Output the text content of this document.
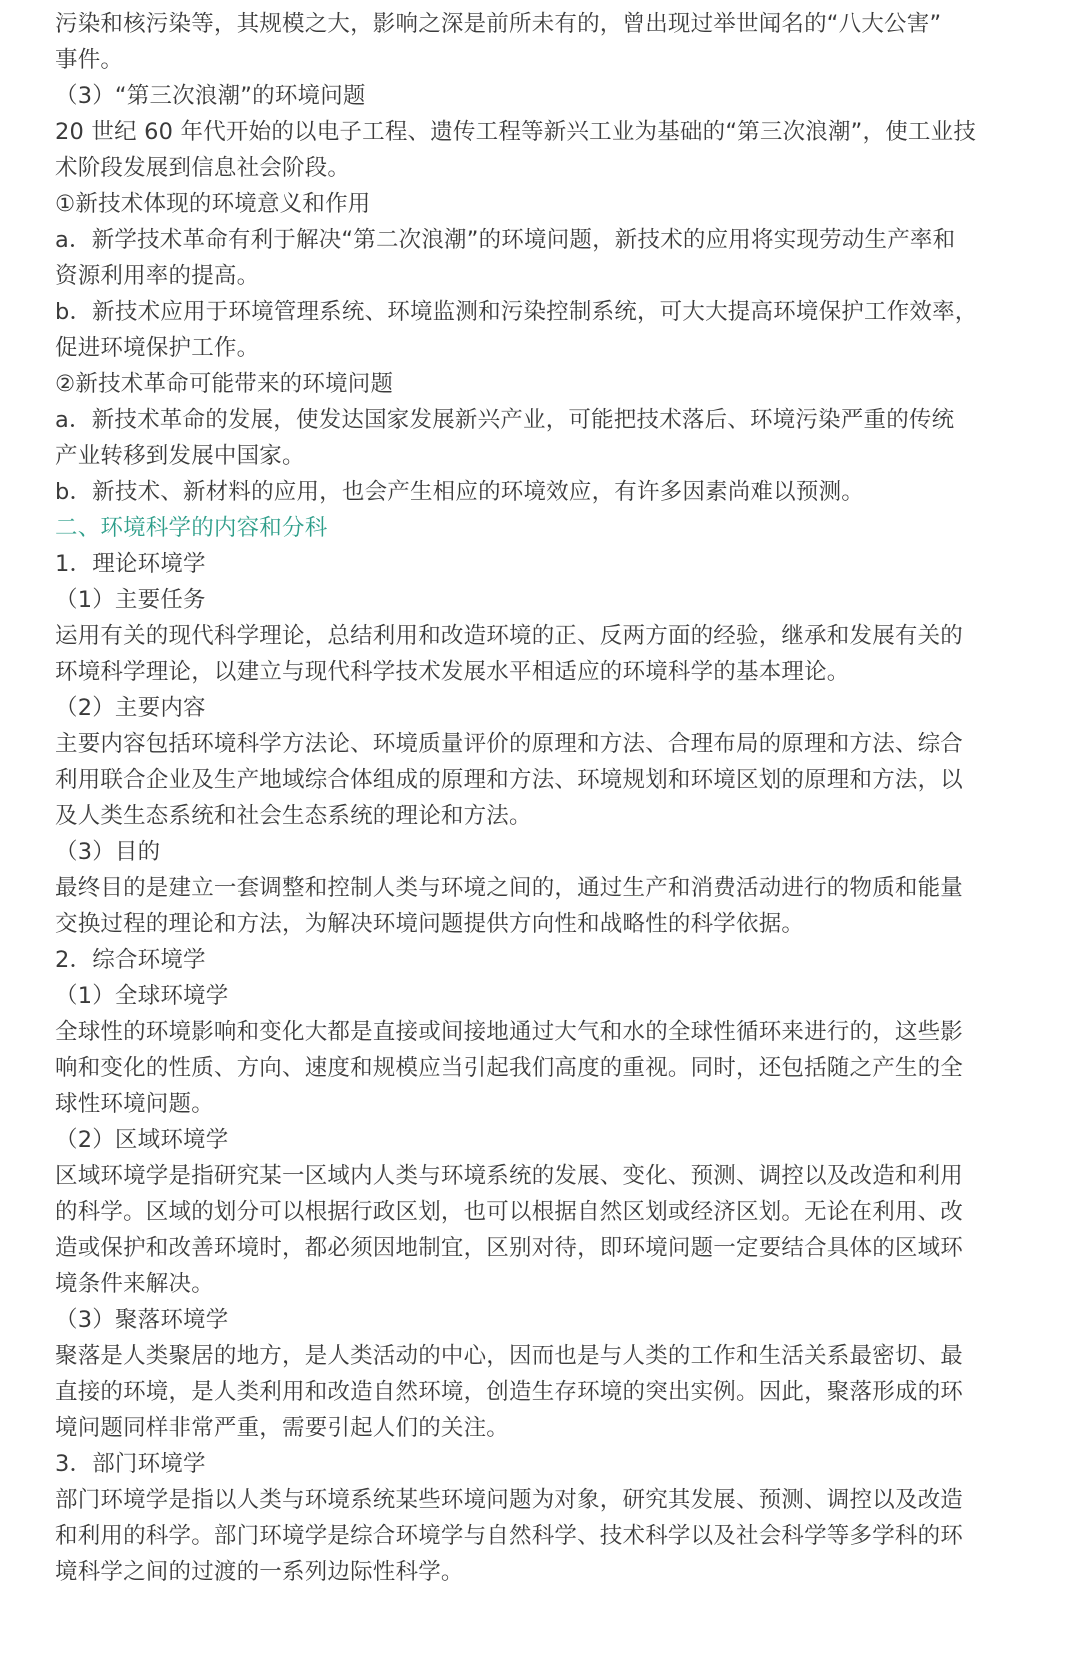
污染和核污染等，其规模之大，影响之深是前所未有的，曾出现过举世闻名的“八大公害”
事件。
（3）“第三次浪潮”的环境问题
20 世纪 60 年代开始的以电子工程、遗传工程等新兴工业为基础的“第三次浪潮”，使工业技
术阶段发展到信息社会阶段。
①新技术体现的环境意义和作用
a．新学技术革命有利于解决“第二次浪潮”的环境问题，新技术的应用将实现劳动生产率和
资源利用率的提高。
b．新技术应用于环境管理系统、环境监测和污染控制系统，可大大提高环境保护工作效率，
促进环境保护工作。
②新技术革命可能带来的环境问题
a．新技术革命的发展，使发达国家发展新兴产业，可能把技术落后、环境污染严重的传统
产业转移到发展中国家。
b．新技术、新材料的应用，也会产生相应的环境效应，有许多因素尚难以预测。
二、环境科学的内容和分科
1．理论环境学
（1）主要任务
运用有关的现代科学理论，总结利用和改造环境的正、反两方面的经验，继承和发展有关的
环境科学理论，以建立与现代科学技术发展水平相适应的环境科学的基本理论。
（2）主要内容
主要内容包括环境科学方法论、环境质量评价的原理和方法、合理布局的原理和方法、综合
利用联合企业及生产地域综合体组成的原理和方法、环境规划和环境区划的原理和方法，以
及人类生态系统和社会生态系统的理论和方法。
（3）目的
最终目的是建立一套调整和控制人类与环境之间的，通过生产和消费活动进行的物质和能量
交换过程的理论和方法，为解决环境问题提供方向性和战略性的科学依据。
2．综合环境学
（1）全球环境学
全球性的环境影响和变化大都是直接或间接地通过大气和水的全球性循环来进行的，这些影
响和变化的性质、方向、速度和规模应当引起我们高度的重视。同时，还包括随之产生的全
球性环境问题。
（2）区域环境学
区域环境学是指研究某一区域内人类与环境系统的发展、变化、预测、调控以及改造和利用
的科学。区域的划分可以根据行政区划，也可以根据自然区划或经济区划。无论在利用、改
造或保护和改善环境时，都必须因地制宜，区别对待，即环境问题一定要结合具体的区域环
境条件来解决。
（3）聚落环境学
聚落是人类聚居的地方，是人类活动的中心，因而也是与人类的工作和生活关系最密切、最
直接的环境，是人类利用和改造自然环境，创造生存环境的突出实例。因此，聚落形成的环
境问题同样非常严重，需要引起人们的关注。
3．部门环境学
部门环境学是指以人类与环境系统某些环境问题为对象，研究其发展、预测、调控以及改造
和利用的科学。部门环境学是综合环境学与自然科学、技术科学以及社会科学等多学科的环
境科学之间的过渡的一系列边际性科学。
